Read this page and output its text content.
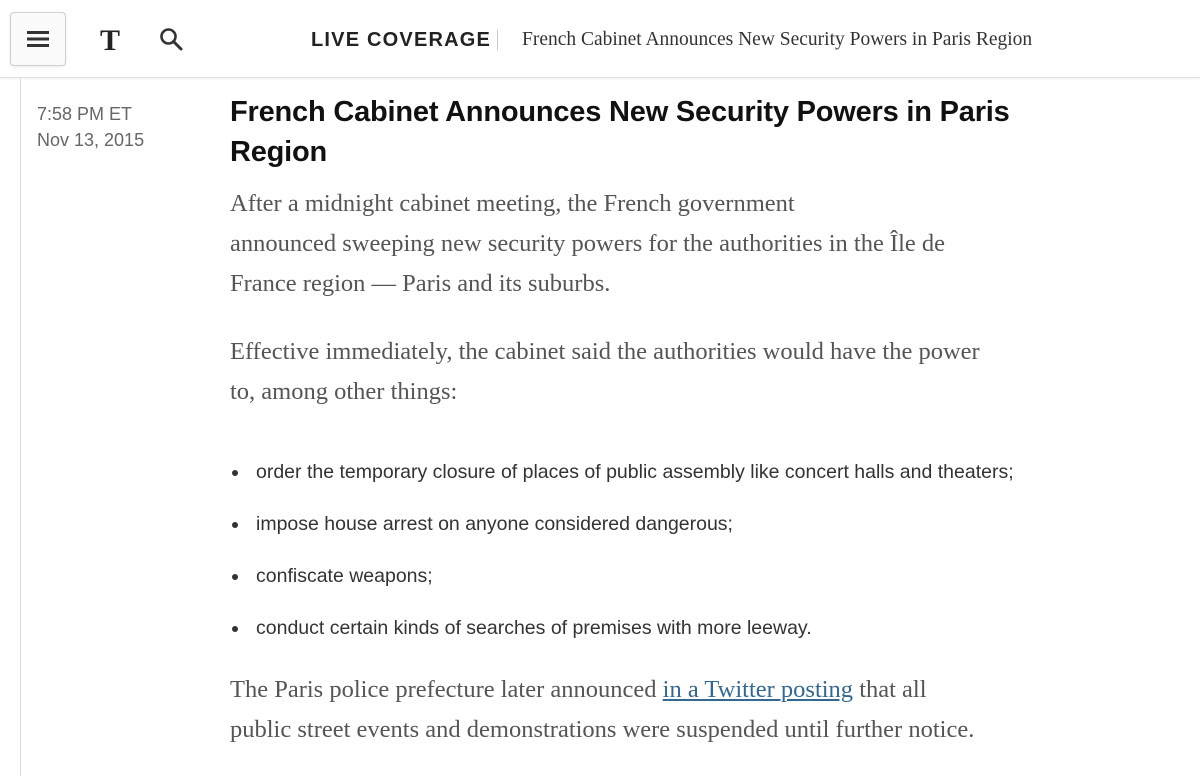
T	LIVE COVERAGE French Cabinet Announces New Security Powers in Paris Region
7:58 PM ET
Nov 13, 2015
French Cabinet Announces New Security Powers in Paris
Region

After a midnight cabinet meeting, the French government
announced sweeping new security powers for the authorities in the Île de
France region — Paris and its suburbs.

Effective immediately, the cabinet said the authorities would have the power
to, among other things:

order the temporary closure of places of public assembly like concert halls and theaters;
impose house arrest on anyone considered dangerous;
confiscate weapons;
conduct certain kinds of searches of premises with more leeway.

The Paris police prefecture later announced in a Twitter posting that all
public street events and demonstrations were suspended until further notice.
